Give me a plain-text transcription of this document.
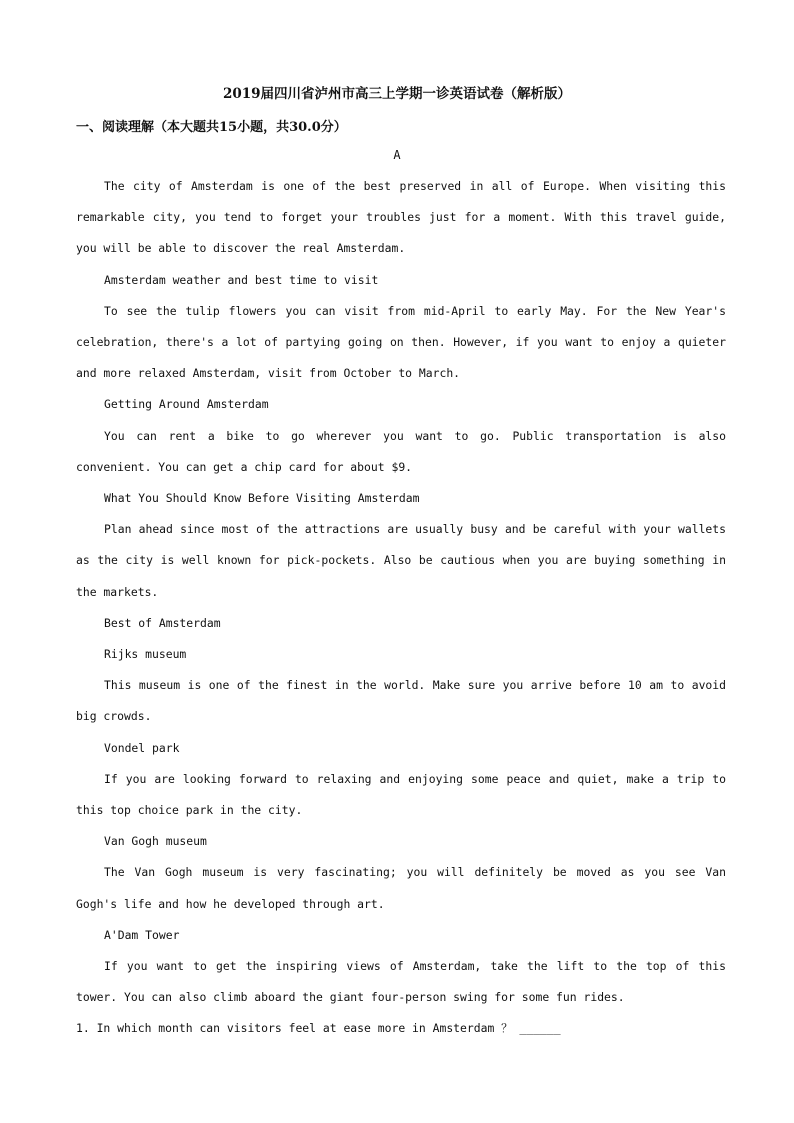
2019届四川省泸州市高三上学期一诊英语试卷（解析版）
一、阅读理解（本大题共15小题，共30.0分）
A

The city of Amsterdam is one of the best preserved in all of Europe. When visiting this remarkable city, you tend to forget your troubles just for a moment. With this travel guide, you will be able to discover the real Amsterdam.

Amsterdam weather and best time to visit

To see the tulip flowers you can visit from mid-April to early May. For the New Year's celebration, there's a lot of partying going on then. However, if you want to enjoy a quieter and more relaxed Amsterdam, visit from October to March.

Getting Around Amsterdam

You can rent a bike to go wherever you want to go. Public transportation is also convenient. You can get a chip card for about $9.

What You Should Know Before Visiting Amsterdam

Plan ahead since most of the attractions are usually busy and be careful with your wallets as the city is well known for pick-pockets. Also be cautious when you are buying something in the markets.

Best of Amsterdam

Rijks museum

This museum is one of the finest in the world. Make sure you arrive before 10 am to avoid big crowds.

Vondel park

If you are looking forward to relaxing and enjoying some peace and quiet, make a trip to this top choice park in the city.

Van Gogh museum

The Van Gogh museum is very fascinating; you will definitely be moved as you see Van Gogh's life and how he developed through art.

A'Dam Tower

If you want to get the inspiring views of Amsterdam, take the lift to the top of this tower. You can also climb aboard the giant four-person swing for some fun rides.

1. In which month can visitors feel at ease more in Amsterdam ？ ______
